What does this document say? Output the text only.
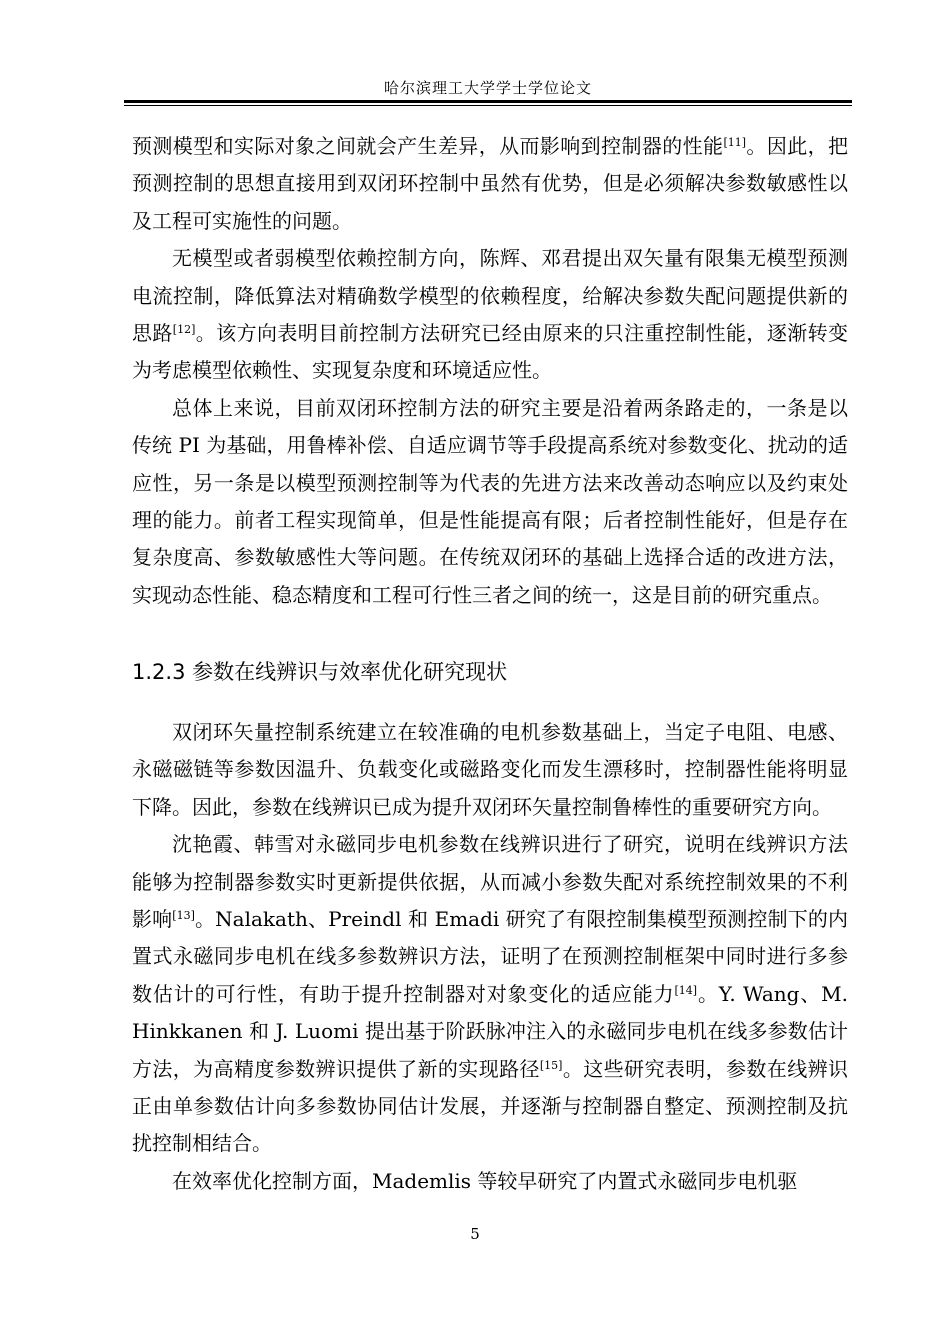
哈尔滨理工大学学士学位论文

预测模型和实际对象之间就会产生差异，从而影响到控制器的性能[11]。因此，把预测控制的思想直接用到双闭环控制中虽然有优势，但是必须解决参数敏感性以及工程可实施性的问题。

无模型或者弱模型依赖控制方向，陈辉、邓君提出双矢量有限集无模型预测电流控制，降低算法对精确数学模型的依赖程度，给解决参数失配问题提供新的思路[12]。该方向表明目前控制方法研究已经由原来的只注重控制性能，逐渐转变为考虑模型依赖性、实现复杂度和环境适应性。

总体上来说，目前双闭环控制方法的研究主要是沿着两条路走的，一条是以传统 PI 为基础，用鲁棒补偿、自适应调节等手段提高系统对参数变化、扰动的适应性，另一条是以模型预测控制等为代表的先进方法来改善动态响应以及约束处理的能力。前者工程实现简单，但是性能提高有限；后者控制性能好，但是存在复杂度高、参数敏感性大等问题。在传统双闭环的基础上选择合适的改进方法，实现动态性能、稳态精度和工程可行性三者之间的统一，这是目前的研究重点。

1.2.3 参数在线辨识与效率优化研究现状

双闭环矢量控制系统建立在较准确的电机参数基础上，当定子电阻、电感、永磁磁链等参数因温升、负载变化或磁路变化而发生漂移时，控制器性能将明显下降。因此，参数在线辨识已成为提升双闭环矢量控制鲁棒性的重要研究方向。

沈艳霞、韩雪对永磁同步电机参数在线辨识进行了研究，说明在线辨识方法能够为控制器参数实时更新提供依据，从而减小参数失配对系统控制效果的不利影响[13]。Nalakath、Preindl 和 Emadi 研究了有限控制集模型预测控制下的内置式永磁同步电机在线多参数辨识方法，证明了在预测控制框架中同时进行多参数估计的可行性，有助于提升控制器对对象变化的适应能力[14]。Y. Wang、M. Hinkkanen 和 J. Luomi 提出基于阶跃脉冲注入的永磁同步电机在线多参数估计方法，为高精度参数辨识提供了新的实现路径[15]。这些研究表明，参数在线辨识正由单参数估计向多参数协同估计发展，并逐渐与控制器自整定、预测控制及抗扰控制相结合。

在效率优化控制方面，Mademlis 等较早研究了内置式永磁同步电机驱

5
